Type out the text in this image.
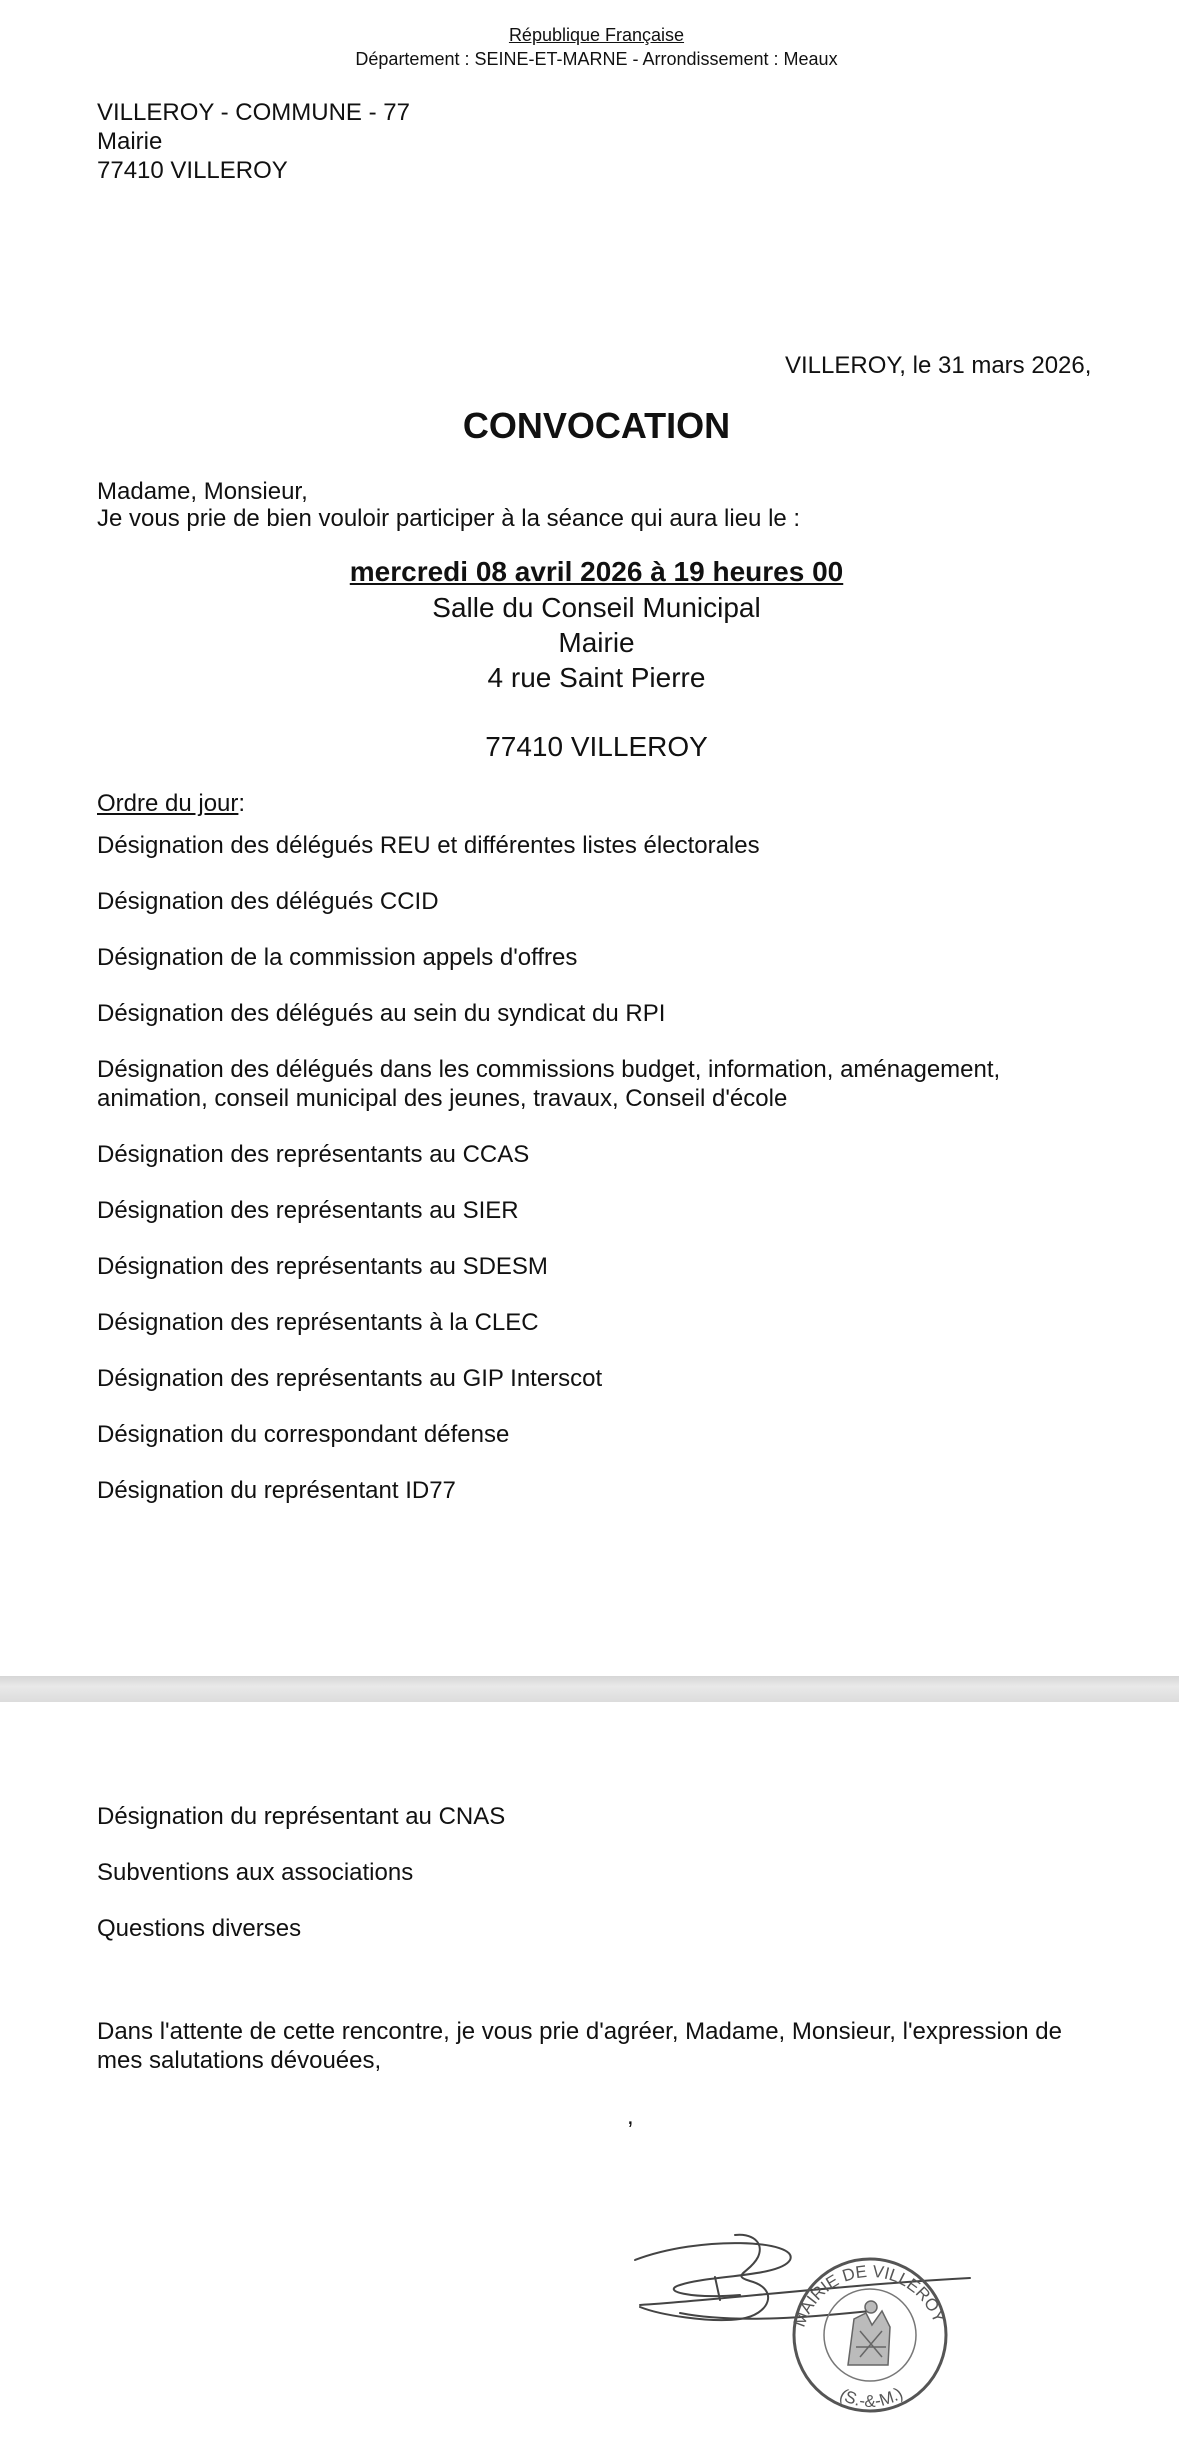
République Française
Département : SEINE-ET-MARNE - Arrondissement : Meaux
VILLEROY - COMMUNE - 77
Mairie
77410 VILLEROY
VILLEROY, le 31 mars 2026,
CONVOCATION
Madame, Monsieur,
Je vous prie de bien vouloir participer à la séance qui aura lieu le :
mercredi 08 avril 2026 à 19 heures 00
Salle du Conseil Municipal
Mairie
4 rue Saint Pierre
77410 VILLEROY
Ordre du jour:
Désignation des délégués REU et différentes listes électorales
Désignation des délégués CCID
Désignation de la commission appels d'offres
Désignation des délégués au sein du syndicat du RPI
Désignation des délégués dans les commissions budget, information, aménagement, animation, conseil municipal des jeunes, travaux, Conseil d'école
Désignation des représentants au CCAS
Désignation des représentants au SIER
Désignation des représentants au SDESM
Désignation des représentants à la CLEC
Désignation des représentants au GIP Interscot
Désignation du correspondant défense
Désignation du représentant ID77
Désignation du représentant au CNAS
Subventions aux associations
Questions diverses
Dans l'attente de cette rencontre, je vous prie d'agréer, Madame, Monsieur, l'expression de mes salutations dévouées,
,
MAIRIE DE VILLEROY
(S.-&-M.)
